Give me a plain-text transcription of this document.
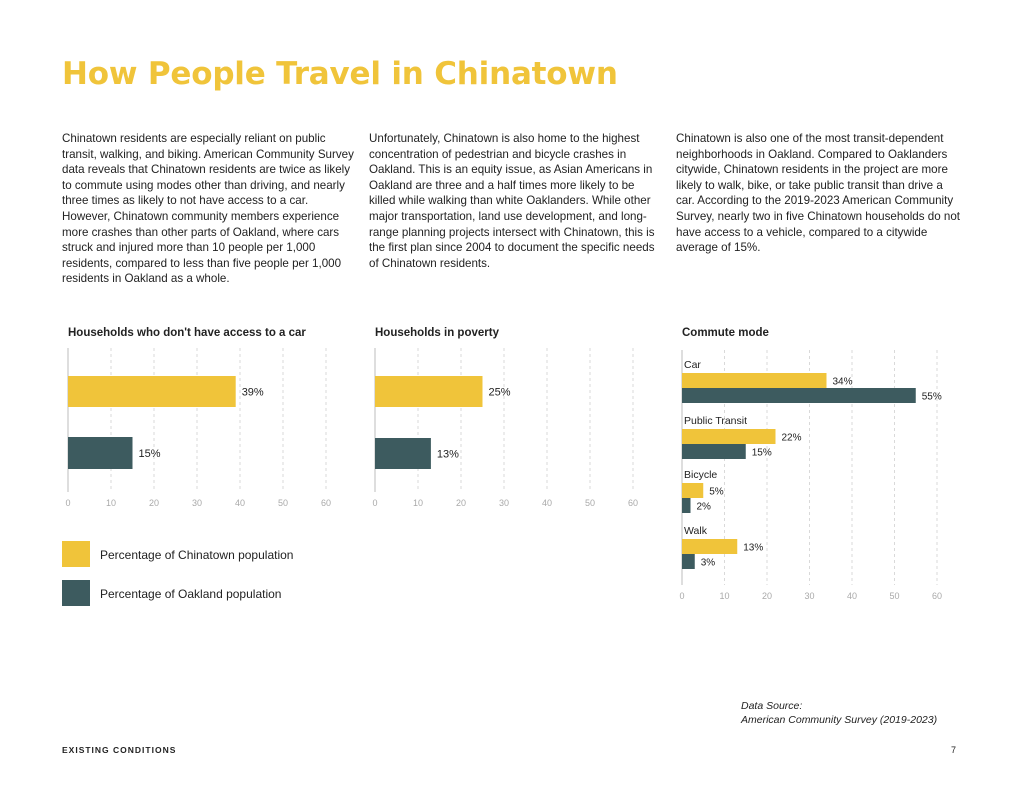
How People Travel in Chinatown

Chinatown residents are especially reliant on public transit, walking, and biking. American Community Survey data reveals that Chinatown residents are twice as likely to commute using modes other than driving, and nearly three times as likely to not have access to a car. However, Chinatown community members experience more crashes than other parts of Oakland, where cars struck and injured more than 10 people per 1,000 residents, compared to less than five people per 1,000 residents in Oakland as a whole.

Unfortunately, Chinatown is also home to the highest concentration of pedestrian and bicycle crashes in Oakland. This is an equity issue, as Asian Americans in Oakland are three and a half times more likely to be killed while walking than white Oaklanders. While other major transportation, land use development, and long-range planning projects intersect with Chinatown, this is the first plan since 2004 to document the specific needs of Chinatown residents.

Chinatown is also one of the most transit-dependent neighborhoods in Oakland. Compared to Oaklanders citywide, Chinatown residents in the project are more likely to walk, bike, or take public transit than drive a car. According to the 2019-2023 American Community Survey, nearly two in five Chinatown households do not have access to a vehicle, compared to a citywide average of 15%.

Households who don't have access to a car	Households in poverty	Commute mode
0	10	20	30	40	50	60
39%
15%
0	10	20	30	40	50	60
25%
13%
0	10	20	30	40	50	60
Car
34%
55%
Public Transit
22%
15%
Bicycle
5%
2%
Walk
13%
3%
Percentage of Chinatown population
Percentage of Oakland population
Data Source:
American Community Survey (2019-2023)
EXISTING CONDITIONS	7
